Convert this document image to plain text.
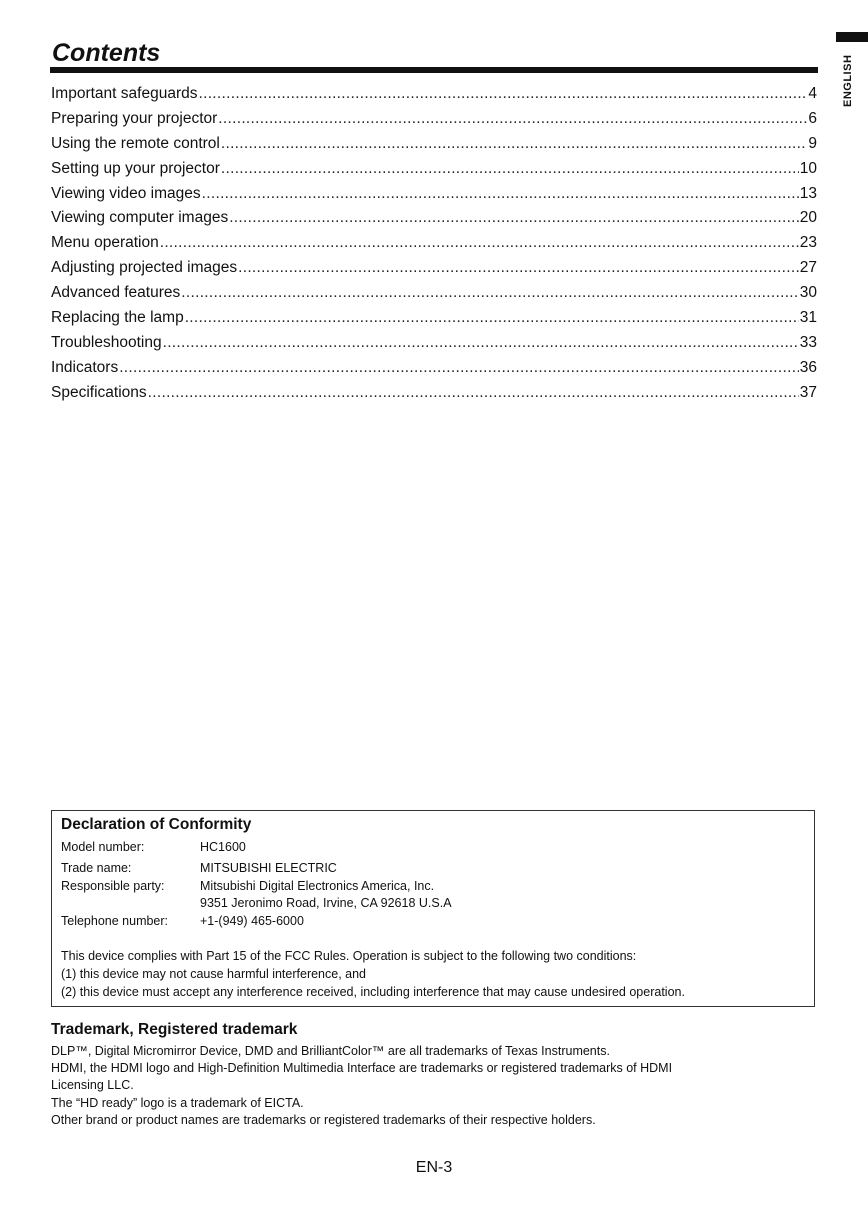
ENGLISH
Contents
Important safeguards .....	4
Preparing your projector .....	6
Using the remote control .....	9
Setting up your projector .....	10
Viewing video images .....	13
Viewing computer images .....	20
Menu operation .....	23
Adjusting projected images .....	27
Advanced features .....	30
Replacing the lamp .....	31
Troubleshooting .....	33
Indicators .....	36
Specifications .....	37
Declaration of Conformity
Model number:	HC1600
Trade name:	MITSUBISHI ELECTRIC
Responsible party:	Mitsubishi Digital Electronics America, Inc.
9351 Jeronimo Road, Irvine, CA 92618 U.S.A
Telephone number:	+1-(949) 465-6000
This device complies with Part 15 of the FCC Rules. Operation is subject to the following two conditions:
(1) this device may not cause harmful interference, and
(2) this device must accept any interference received, including interference that may cause undesired operation.
Trademark, Registered trademark
DLP™, Digital Micromirror Device, DMD and BrilliantColor™ are all trademarks of Texas Instruments.
HDMI, the HDMI logo and High-Definition Multimedia Interface are trademarks or registered trademarks of HDMI
Licensing LLC.
The “HD ready” logo is a trademark of EICTA.
Other brand or product names are trademarks or registered trademarks of their respective holders.
EN-3
